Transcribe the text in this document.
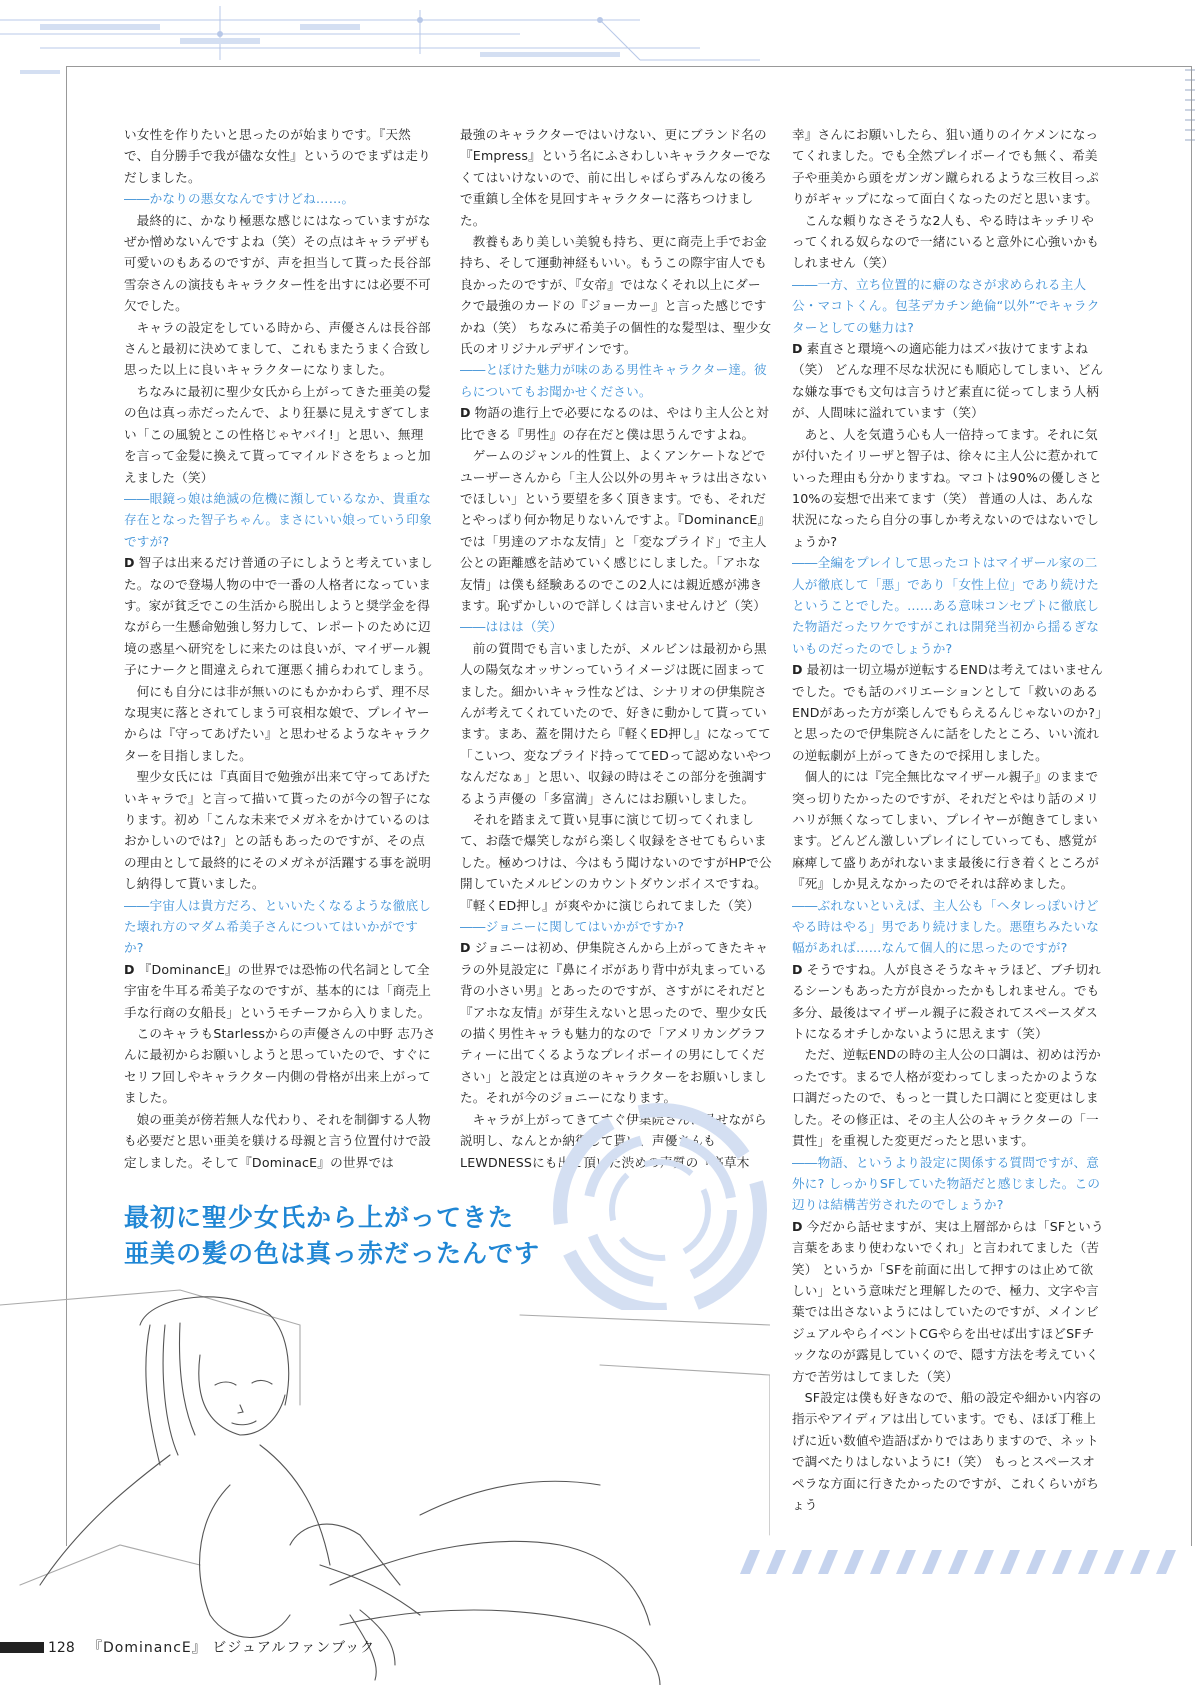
い女性を作りたいと思ったのが始まりです。『天然で、自分勝手で我が儘な女性』というのでまずは走りだしました。

――かなりの悪女なんですけどね……。

最終的に、かなり極悪な感じにはなっていますがなぜか憎めないんですよね（笑）その点はキャラデザも可愛いのもあるのですが、声を担当して貰った長谷部雪奈さんの演技もキャラクター性を出すには必要不可欠でした。

キャラの設定をしている時から、声優さんは長谷部さんと最初に決めてまして、これもまたうまく合致し思った以上に良いキャラクターになりました。

ちなみに最初に聖少女氏から上がってきた亜美の髪の色は真っ赤だったんで、より狂暴に見えすぎてしまい「この風貌とこの性格じゃヤバイ!」と思い、無理を言って金髪に換えて貰ってマイルドさをちょっと加えました（笑）

――眼鏡っ娘は絶滅の危機に瀕しているなか、貴重な存在となった智子ちゃん。まさにいい娘っていう印象ですが?

D 智子は出来るだけ普通の子にしようと考えていました。なので登場人物の中で一番の人格者になっています。家が貧乏でこの生活から脱出しようと奨学金を得ながら一生懸命勉強し努力して、レポートのために辺境の惑星へ研究をしに来たのは良いが、マイザール親子にナークと間違えられて運悪く捕らわれてしまう。

何にも自分には非が無いのにもかかわらず、理不尽な現実に落とされてしまう可哀相な娘で、プレイヤーからは『守ってあげたい』と思わせるようなキャラクターを目指しました。

聖少女氏には『真面目で勉強が出来て守ってあげたいキャラで』と言って描いて貰ったのが今の智子になります。初め「こんな未来でメガネをかけているのはおかしいのでは?」との話もあったのですが、その点の理由として最終的にそのメガネが活躍する事を説明し納得して貰いました。

――宇宙人は貴方だろ、といいたくなるような徹底した壊れ方のマダム希美子さんについてはいかがですか?

D 『DominancE』の世界では恐怖の代名詞として全宇宙を牛耳る希美子なのですが、基本的には「商売上手な行商の女船長」というモチーフから入りました。

このキャラもStarlessからの声優さんの中野 志乃さんに最初からお願いしようと思っていたので、すぐにセリフ回しやキャラクター内側の骨格が出来上がってました。

娘の亜美が傍若無人な代わり、それを制御する人物も必要だと思い亜美を躾ける母親と言う位置付けで設定しました。そして『DominacE』の世界では

最強のキャラクターではいけない、更にブランド名の『Empress』という名にふさわしいキャラクターでなくてはいけないので、前に出しゃばらずみんなの後ろで重鎮し全体を見回すキャラクターに落ちつけました。

教養もあり美しい美貌も持ち、更に商売上手でお金持ち、そして運動神経もいい。もうこの際宇宙人でも良かったのですが、『女帝』ではなくそれ以上にダークで最強のカードの『ジョーカー』と言った感じですかね（笑） ちなみに希美子の個性的な髪型は、聖少女氏のオリジナルデザインです。

――とぼけた魅力が味のある男性キャラクター達。彼らについてもお聞かせください。

D 物語の進行上で必要になるのは、やはり主人公と対比できる『男性』の存在だと僕は思うんですよね。

ゲームのジャンル的性質上、よくアンケートなどでユーザーさんから「主人公以外の男キャラは出さないでほしい」という要望を多く頂きます。でも、それだとやっぱり何か物足りないんですよ。『DominancE』では「男達のアホな友情」と「変なプライド」で主人公との距離感を詰めていく感じにしました。「アホな友情」は僕も経験あるのでこの2人には親近感が沸きます。恥ずかしいので詳しくは言いませんけど（笑）

――ははは（笑）

前の質問でも言いましたが、メルビンは最初から黒人の陽気なオッサンっていうイメージは既に固まってました。細かいキャラ性などは、シナリオの伊集院さんが考えてくれていたので、好きに動かして貰っています。まあ、蓋を開けたら『軽くED押し』になってて「こいつ、変なプライド持っててEDって認めないやつなんだなぁ」と思い、収録の時はそこの部分を強調するよう声優の「多富満」さんにはお願いしました。

それを踏まえて貰い見事に演じて切ってくれまして、お蔭で爆笑しながら楽しく収録をさせてもらいました。極めつけは、今はもう聞けないのですがHPで公開していたメルビンのカウントダウンボイスですね。『軽くED押し』が爽やかに演じられてました（笑）

――ジョニーに関してはいかがですか?

D ジョニーは初め、伊集院さんから上がってきたキャラの外見設定に『鼻にイボがあり背中が丸まっている背の小さい男』とあったのですが、さすがにそれだと『アホな友情』が芽生えないと思ったので、聖少女氏の描く男性キャラも魅力的なので「アメリカングラフティーに出てくるようなプレイボーイの男にしてください」と設定とは真逆のキャラクターをお願いしました。それが今のジョニーになります。

キャラが上がってきてすぐ伊集院さんに見せながら説明し、なんとか納得して貰い、声優さんもLEWDNESSにも出て頂いた渋めの声質の『高草木

幸』さんにお願いしたら、狙い通りのイケメンになってくれました。でも全然プレイボーイでも無く、希美子や亜美から頭をガンガン蹴られるような三枚目っぷりがギャップになって面白くなったのだと思います。

こんな頼りなさそうな2人も、やる時はキッチリやってくれる奴らなので一緒にいると意外に心強いかもしれません（笑）

――一方、立ち位置的に癖のなさが求められる主人公・マコトくん。包茎デカチン絶倫“以外”でキャラクターとしての魅力は?

D 素直さと環境への適応能力はズバ抜けてますよね（笑） どんな理不尽な状況にも順応してしまい、どんな嫌な事でも文句は言うけど素直に従ってしまう人柄が、人間味に溢れています（笑）

あと、人を気遣う心も人一倍持ってます。それに気が付いたイリーザと智子は、徐々に主人公に惹かれていった理由も分かりますね。マコトは90%の優しさと10%の妄想で出来てます（笑） 普通の人は、あんな状況になったら自分の事しか考えないのではないでしょうか?

――全編をプレイして思ったコトはマイザール家の二人が徹底して「悪」であり「女性上位」であり続けたということでした。……ある意味コンセプトに徹底した物語だったワケですがこれは開発当初から揺るぎないものだったのでしょうか?

D 最初は一切立場が逆転するENDは考えてはいませんでした。でも話のバリエーションとして「救いのあるENDがあった方が楽しんでもらえるんじゃないのか?」と思ったので伊集院さんに話をしたところ、いい流れの逆転劇が上がってきたので採用しました。

個人的には『完全無比なマイザール親子』のままで突っ切りたかったのですが、それだとやはり話のメリハリが無くなってしまい、プレイヤーが飽きてしまいます。どんどん激しいプレイにしていっても、感覚が麻痺して盛りあがれないまま最後に行き着くところが『死』しか見えなかったのでそれは辞めました。

――ぶれないといえば、主人公も「ヘタレっぽいけどやる時はやる」男であり続けました。悪堕ちみたいな幅があれば……なんて個人的に思ったのですが?

D そうですね。人が良さそうなキャラほど、ブチ切れるシーンもあった方が良かったかもしれません。でも多分、最後はマイザール親子に殺されてスペースダストになるオチしかないように思えます（笑）

ただ、逆転ENDの時の主人公の口調は、初めは汚かったです。まるで人格が変わってしまったかのような口調だったので、もっと一貫した口調にと変更はしました。その修正は、その主人公のキャラクターの「一貫性」を重視した変更だったと思います。

――物語、というより設定に関係する質問ですが、意外に? しっかりSFしていた物語だと感じました。この辺りは結構苦労されたのでしょうか?

D 今だから話せますが、実は上層部からは「SFという言葉をあまり使わないでくれ」と言われてました（苦笑） というか「SFを前面に出して押すのは止めて欲しい」という意味だと理解したので、極力、文字や言葉では出さないようにはしていたのですが、メインビジュアルやらイベントCGやらを出せば出すほどSFチックなのが露見していくので、隠す方法を考えていく方で苦労はしてました（笑）

SF設定は僕も好きなので、船の設定や細かい内容の指示やアイディアは出しています。でも、ほぼ丁稚上げに近い数値や造語ばかりではありますので、ネットで調べたりはしないように!（笑） もっとスペースオペラな方面に行きたかったのですが、これくらいがちょう

最初に聖少女氏から上がってきた
亜美の髪の色は真っ赤だったんです
128 『DominancE』 ビジュアルファンブック
